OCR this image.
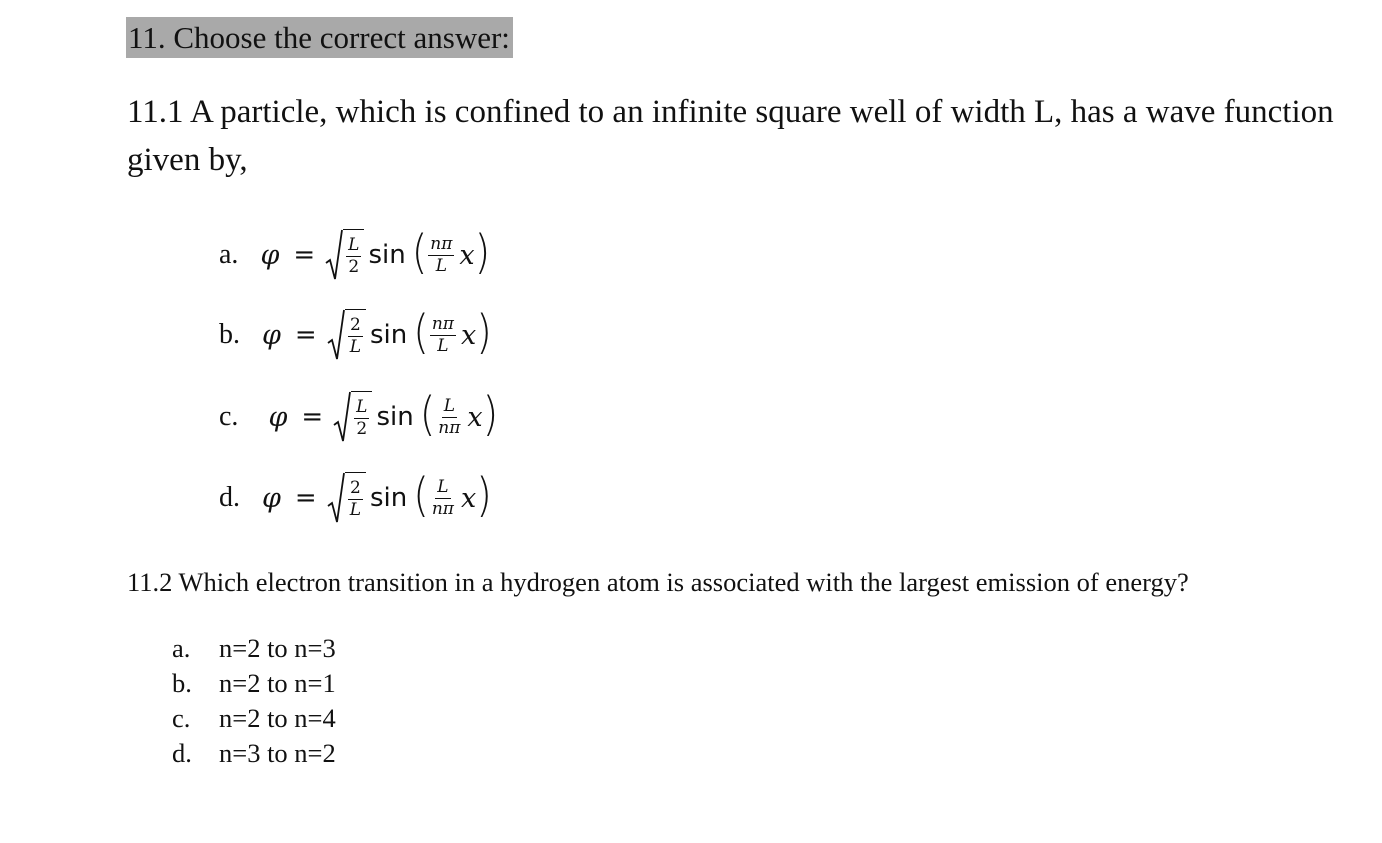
11. Choose the correct answer:
11.1 A particle, which is confined to an infinite square well of width L, has a wave function given by,
a. $\varphi = \frac{L}{2}$ sin ( $\frac{n\pi}{L}$ x )
b. $\varphi = \frac{2}{L}$ sin ( $\frac{n\pi}{L}$ x )
c. $\varphi = \frac{L}{2}$ sin ( $\frac{L}{n\pi}$ x )
d. $\varphi = \frac{2}{L}$ sin ( $\frac{L}{n\pi}$ x )
11.2 Which electron transition in a hydrogen atom is associated with the largest emission of energy?
a.	n=2 to n=3
b.	n=2 to n=1
c.	n=2 to n=4
d.	n=3 to n=2
